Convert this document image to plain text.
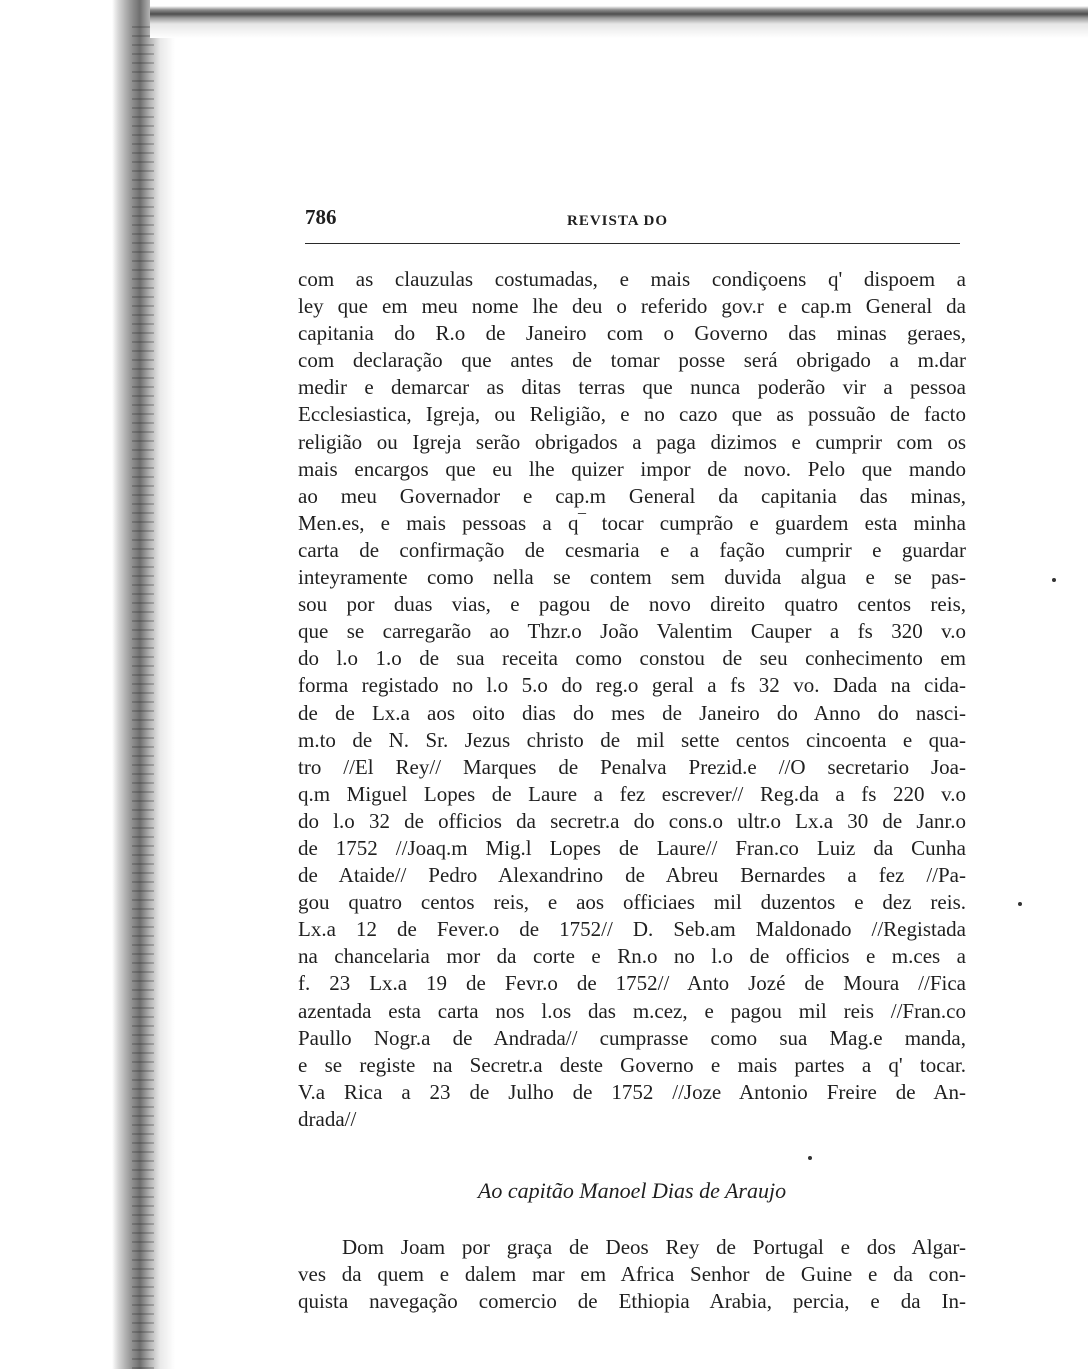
786	REVISTA DO
com as clauzulas costumadas, e mais condiçoens q' dispoem a
ley que em meu nome lhe deu o referido gov.r e cap.m General da
capitania do R.o de Janeiro com o Governo das minas geraes,
com declaração que antes de tomar posse será obrigado a m.dar
medir e demarcar as ditas terras que nunca poderão vir a pessoa
Ecclesiastica, Igreja, ou Religião, e no cazo que as possuão de facto
religião ou Igreja serão obrigados a paga dizimos e cumprir com os
mais encargos que eu lhe quizer impor de novo. Pelo que mando
ao meu Governador e cap.m General da capitania das minas,
Men.es, e mais pessoas a q‾ tocar cumprão e guardem esta minha
carta de confirmação de cesmaria e a fação cumprir e guardar
inteyramente como nella se contem sem duvida algua e se pas-
sou por duas vias, e pagou de novo direito quatro centos reis,
que se carregarão ao Thzr.o João Valentim Cauper a fs 320 v.o
do l.o 1.o de sua receita como constou de seu conhecimento em
forma registado no l.o 5.o do reg.o geral a fs 32 vo. Dada na cida-
de de Lx.a aos oito dias do mes de Janeiro do Anno do nasci-
m.to de N. Sr. Jezus christo de mil sette centos cincoenta e qua-
tro //El Rey// Marques de Penalva Prezid.e //O secretario Joa-
q.m Miguel Lopes de Laure a fez escrever// Reg.da a fs 220 v.o
do l.o 32 de officios da secretr.a do cons.o ultr.o Lx.a 30 de Janr.o
de 1752 //Joaq.m Mig.l Lopes de Laure// Fran.co Luiz da Cunha
de Ataide// Pedro Alexandrino de Abreu Bernardes a fez //Pa-
gou quatro centos reis, e aos officiaes mil duzentos e dez reis.
Lx.a 12 de Fever.o de 1752// D. Seb.am Maldonado //Registada
na chancelaria mor da corte e Rn.o no l.o de officios e m.ces a
f. 23 Lx.a 19 de Fevr.o de 1752// Anto Jozé de Moura //Fica
azentada esta carta nos l.os das m.cez, e pagou mil reis //Fran.co
Paullo Nogr.a de Andrada// cumprasse como sua Mag.e manda,
e se registe na Secretr.a deste Governo e mais partes a q' tocar.
V.a Rica a 23 de Julho de 1752 //Joze Antonio Freire de An-
drada//
Ao capitão Manoel Dias de Araujo
Dom Joam por graça de Deos Rey de Portugal e dos Algar-
ves da quem e dalem mar em Africa Senhor de Guine e da con-
quista navegação comercio de Ethiopia Arabia, percia, e da In-
